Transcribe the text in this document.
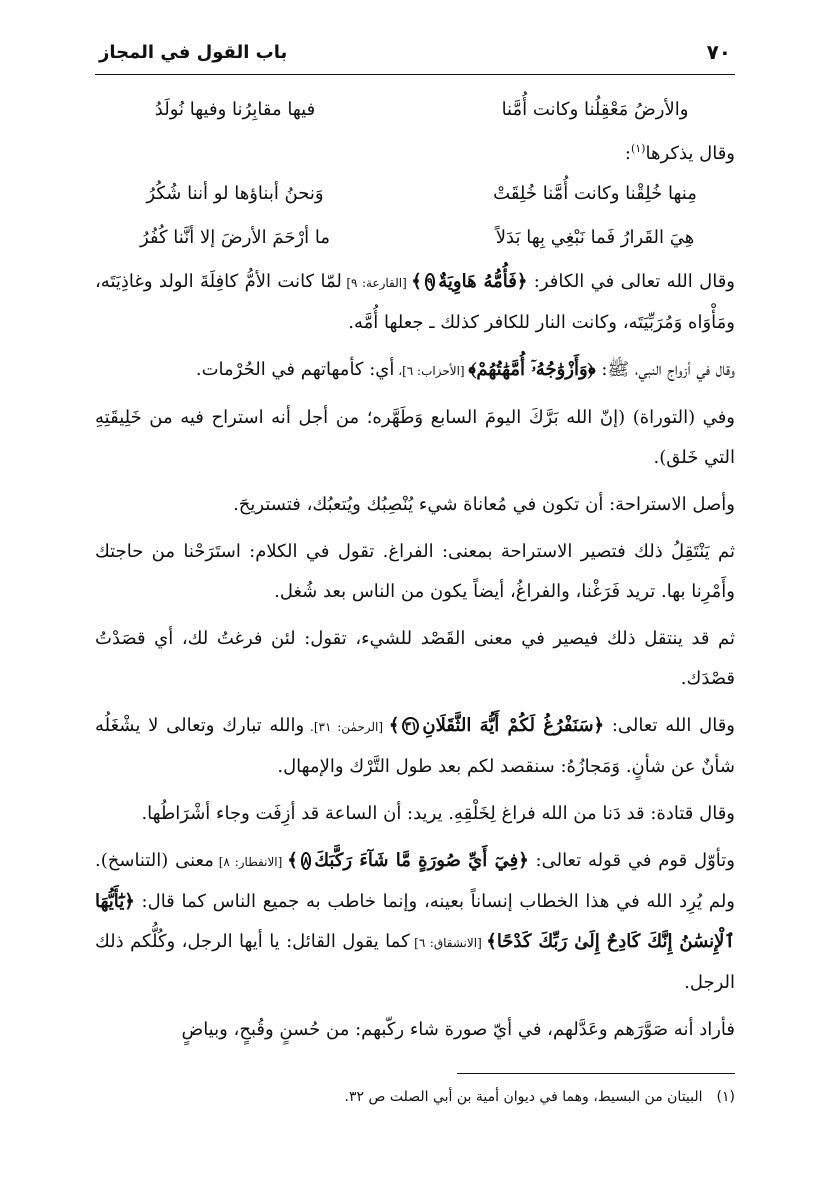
٧٠
باب القول في المجاز
والأرضُ مَعْقِلُنا وكانت أُمَّنا
فيها مقابِرُنا وفيها نُولَدُ

وقال يذكرها$^{(١)}$:

مِنها خُلِقْنا وكانت أُمَّنا خُلِقَتْ
وَنحنُ أبناؤها لو أننا شُكُرُ
هِيَ القَرارُ فَما نَبْغِي بِها بَدَلاً
ما أرْحَمَ الأرضَ إلا أنَّنا كُفُرُ

وقال الله تعالى في الكافر: ﴿فَأُمُّهُ هَاوِيَةٌ٩﴾ [القارعة: ٩] لمّا كانت الأمُّ كافِلَةَ الولد وغاذِيَتَه، ومَأْوَاه وَمُرَبِّيَتَه، وكانت النار للكافر كذلك ـ جعلها أُمَّه.

وقال في أزواج النبي، ﷺ: ﴿وَأَزْوَٰجُهُۥٓ أُمَّهَٰتُهُمْ﴾ [الأحزاب: ٦]، أي: كأمهاتهم في الحُرْمات.

وفي (التوراة) (إنّ الله بَرَّكَ اليومَ السابع وَطَهَّره؛ من أجل أنه استراح فيه من خَلِيقَتِهِ التي خَلق).

وأصل الاستراحة: أن تكون في مُعاناة شيء يُنْصِبُك ويُتعبُك، فتستريحَ.

ثم يَنْتَقِلُ ذلك فتصير الاستراحة بمعنى: الفراغ. تقول في الكلام: استَرَحْنا من حاجتك وأَمْرِنا بها. تريد فَرَغْنا، والفراغُ، أيضاً يكون من الناس بعد شُغل.

ثم قد ينتقل ذلك فيصير في معنى القَصْد للشيء، تقول: لئن فرغتُ لك، أي قصَدْتُ قصْدَك.

وقال الله تعالى: ﴿سَنَفْرُغُ لَكُمْ أَيُّهَ الثَّقَلَانِ٣١﴾ [الرحمٰن: ٣١]. والله تبارك وتعالى لا يشْغَلُه شأنٌ عن شأنٍ. وَمَجازُهُ: سنقصد لكم بعد طول التَّرْك والإمهال.

وقال قتادة: قد دَنا من الله فراغ لِخَلْقِهِ. يريد: أن الساعة قد أزِفَت وجاء أشْرَاطُها.

وتأوّل قوم في قوله تعالى: ﴿فِيٓ أَيِّ صُورَةٍ مَّا شَآءَ رَكَّبَكَ٨﴾ [الانفطار: ٨] معنى (التناسخ). ولم يُرِد الله في هذا الخطاب إنساناً بعينه، وإنما خاطب به جميع الناس كما قال: ﴿يَٰٓأَيُّهَا ٱلْإِنسَٰنُ إِنَّكَ كَادِحٌ إِلَىٰ رَبِّكَ كَدْحًا﴾ [الانشقاق: ٦] كما يقول القائل: يا أيها الرجل، وكُلُّكم ذلك الرجل.

فأراد أنه صَوَّرَهم وعَدَّلهم، في أيّ صورة شاء ركّبهم: من حُسنٍ وقُبحٍ، وبياضٍ

(١)البيتان من البسيط، وهما في ديوان أمية بن أبي الصلت ص ٣٢.
